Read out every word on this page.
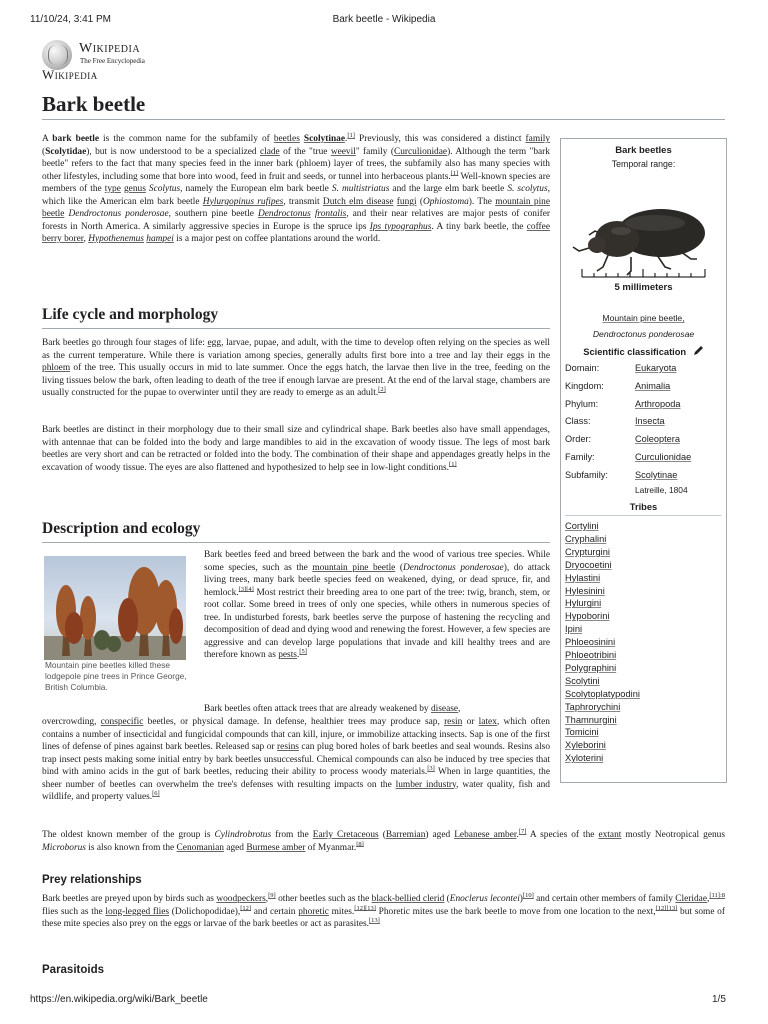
11/10/24, 3:41 PM	Bark beetle - Wikipedia
https://en.wikipedia.org/wiki/Bark_beetle	1/5
Wikipedia
The Free Encyclopedia
Wikipedia
Bark beetle
A bark beetle is the common name for the subfamily of beetles Scolytinae.[1] Previously, this was considered a distinct family (Scolytidae), but is now understood to be a specialized clade of the "true weevil" family (Curculionidae). Although the term "bark beetle" refers to the fact that many species feed in the inner bark (phloem) layer of trees, the subfamily also has many species with other lifestyles, including some that bore into wood, feed in fruit and seeds, or tunnel into herbaceous plants.[1] Well-known species are members of the type genus Scolytus, namely the European elm bark beetle S. multistriatus and the large elm bark beetle S. scolytus, which like the American elm bark beetle Hylurgopinus rufipes, transmit Dutch elm disease fungi (Ophiostoma). The mountain pine beetle Dendroctonus ponderosae, southern pine beetle Dendroctonus frontalis, and their near relatives are major pests of conifer forests in North America. A similarly aggressive species in Europe is the spruce ips Ips typographus. A tiny bark beetle, the coffee berry borer, Hypothenemus hampei is a major pest on coffee plantations around the world.
Life cycle and morphology
Bark beetles go through four stages of life: egg, larvae, pupae, and adult, with the time to develop often relying on the species as well as the current temperature. While there is variation among species, generally adults first bore into a tree and lay their eggs in the phloem of the tree. This usually occurs in mid to late summer. Once the eggs hatch, the larvae then live in the tree, feeding on the living tissues below the bark, often leading to death of the tree if enough larvae are present. At the end of the larval stage, chambers are usually constructed for the pupae to overwinter until they are ready to emerge as an adult.[2]
Bark beetles are distinct in their morphology due to their small size and cylindrical shape. Bark beetles also have small appendages, with antennae that can be folded into the body and large mandibles to aid in the excavation of woody tissue. The legs of most bark beetles are very short and can be retracted or folded into the body. The combination of their shape and appendages greatly helps in the excavation of woody tissue. The eyes are also flattened and hypothesized to help see in low-light conditions.[1]
Description and ecology
Mountain pine beetles killed these lodgepole pine trees in Prince George, British Columbia.
Bark beetles feed and breed between the bark and the wood of various tree species. While some species, such as the mountain pine beetle (Dendroctonus ponderosae), do attack living trees, many bark beetle species feed on weakened, dying, or dead spruce, fir, and hemlock.[3][4] Most restrict their breeding area to one part of the tree: twig, branch, stem, or root collar. Some breed in trees of only one species, while others in numerous species of tree. In undisturbed forests, bark beetles serve the purpose of hastening the recycling and decomposition of dead and dying wood and renewing the forest. However, a few species are aggressive and can develop large populations that invade and kill healthy trees and are therefore known as pests.[5]
Bark beetles often attack trees that are already weakened by disease,
overcrowding, conspecific beetles, or physical damage. In defense, healthier trees may produce sap, resin or latex, which often contains a number of insecticidal and fungicidal compounds that can kill, injure, or immobilize attacking insects. Sap is one of the first lines of defense of pines against bark beetles. Released sap or resins can plug bored holes of bark beetles and seal wounds. Resins also trap insect pests making some initial entry by bark beetles unsuccessful. Chemical compounds can also be induced by tree species that bind with amino acids in the gut of bark beetles, reducing their ability to process woody materials.[3] When in large quantities, the sheer number of beetles can overwhelm the tree's defenses with resulting impacts on the lumber industry, water quality, fish and wildlife, and property values.[6]
The oldest known member of the group is Cylindrobrotus from the Early Cretaceous (Barremian) aged Lebanese amber.[7] A species of the extant mostly Neotropical genus Microborus is also known from the Cenomanian aged Burmese amber of Myanmar.[8]
Prey relationships
Bark beetles are preyed upon by birds such as woodpeckers,[9] other beetles such as the black-bellied clerid (Enoclerus lecontei)[10] and certain other members of family Cleridae,$^{[11]:8}$ flies such as the long-legged flies (Dolichopodidae),[12] and certain phoretic mites.[12][13] Phoretic mites use the bark beetle to move from one location to the next,[12][13] but some of these mite species also prey on the eggs or larvae of the bark beetles or act as parasites.[13]
Parasitoids
Bark beetles
Temporal range:
5 millimeters
Mountain pine beetle,
Dendroctonus ponderosae
Scientific classification
Domain:	Eukaryota
Kingdom:	Animalia
Phylum:	Arthropoda
Class:	Insecta
Order:	Coleoptera
Family:	Curculionidae
Subfamily:	Scolytinae
Latreille, 1804
Tribes
Cortylini
Cryphalini
Crypturgini
Dryocoetini
Hylastini
Hylesinini
Hylurgini
Hypoborini
Ipini
Phloeosinini
Phloeotribini
Polygraphini
Scolytini
Scolytoplatypodini
Taphrorychini
Thamnurgini
Tomicini
Xyleborini
Xyloterini
